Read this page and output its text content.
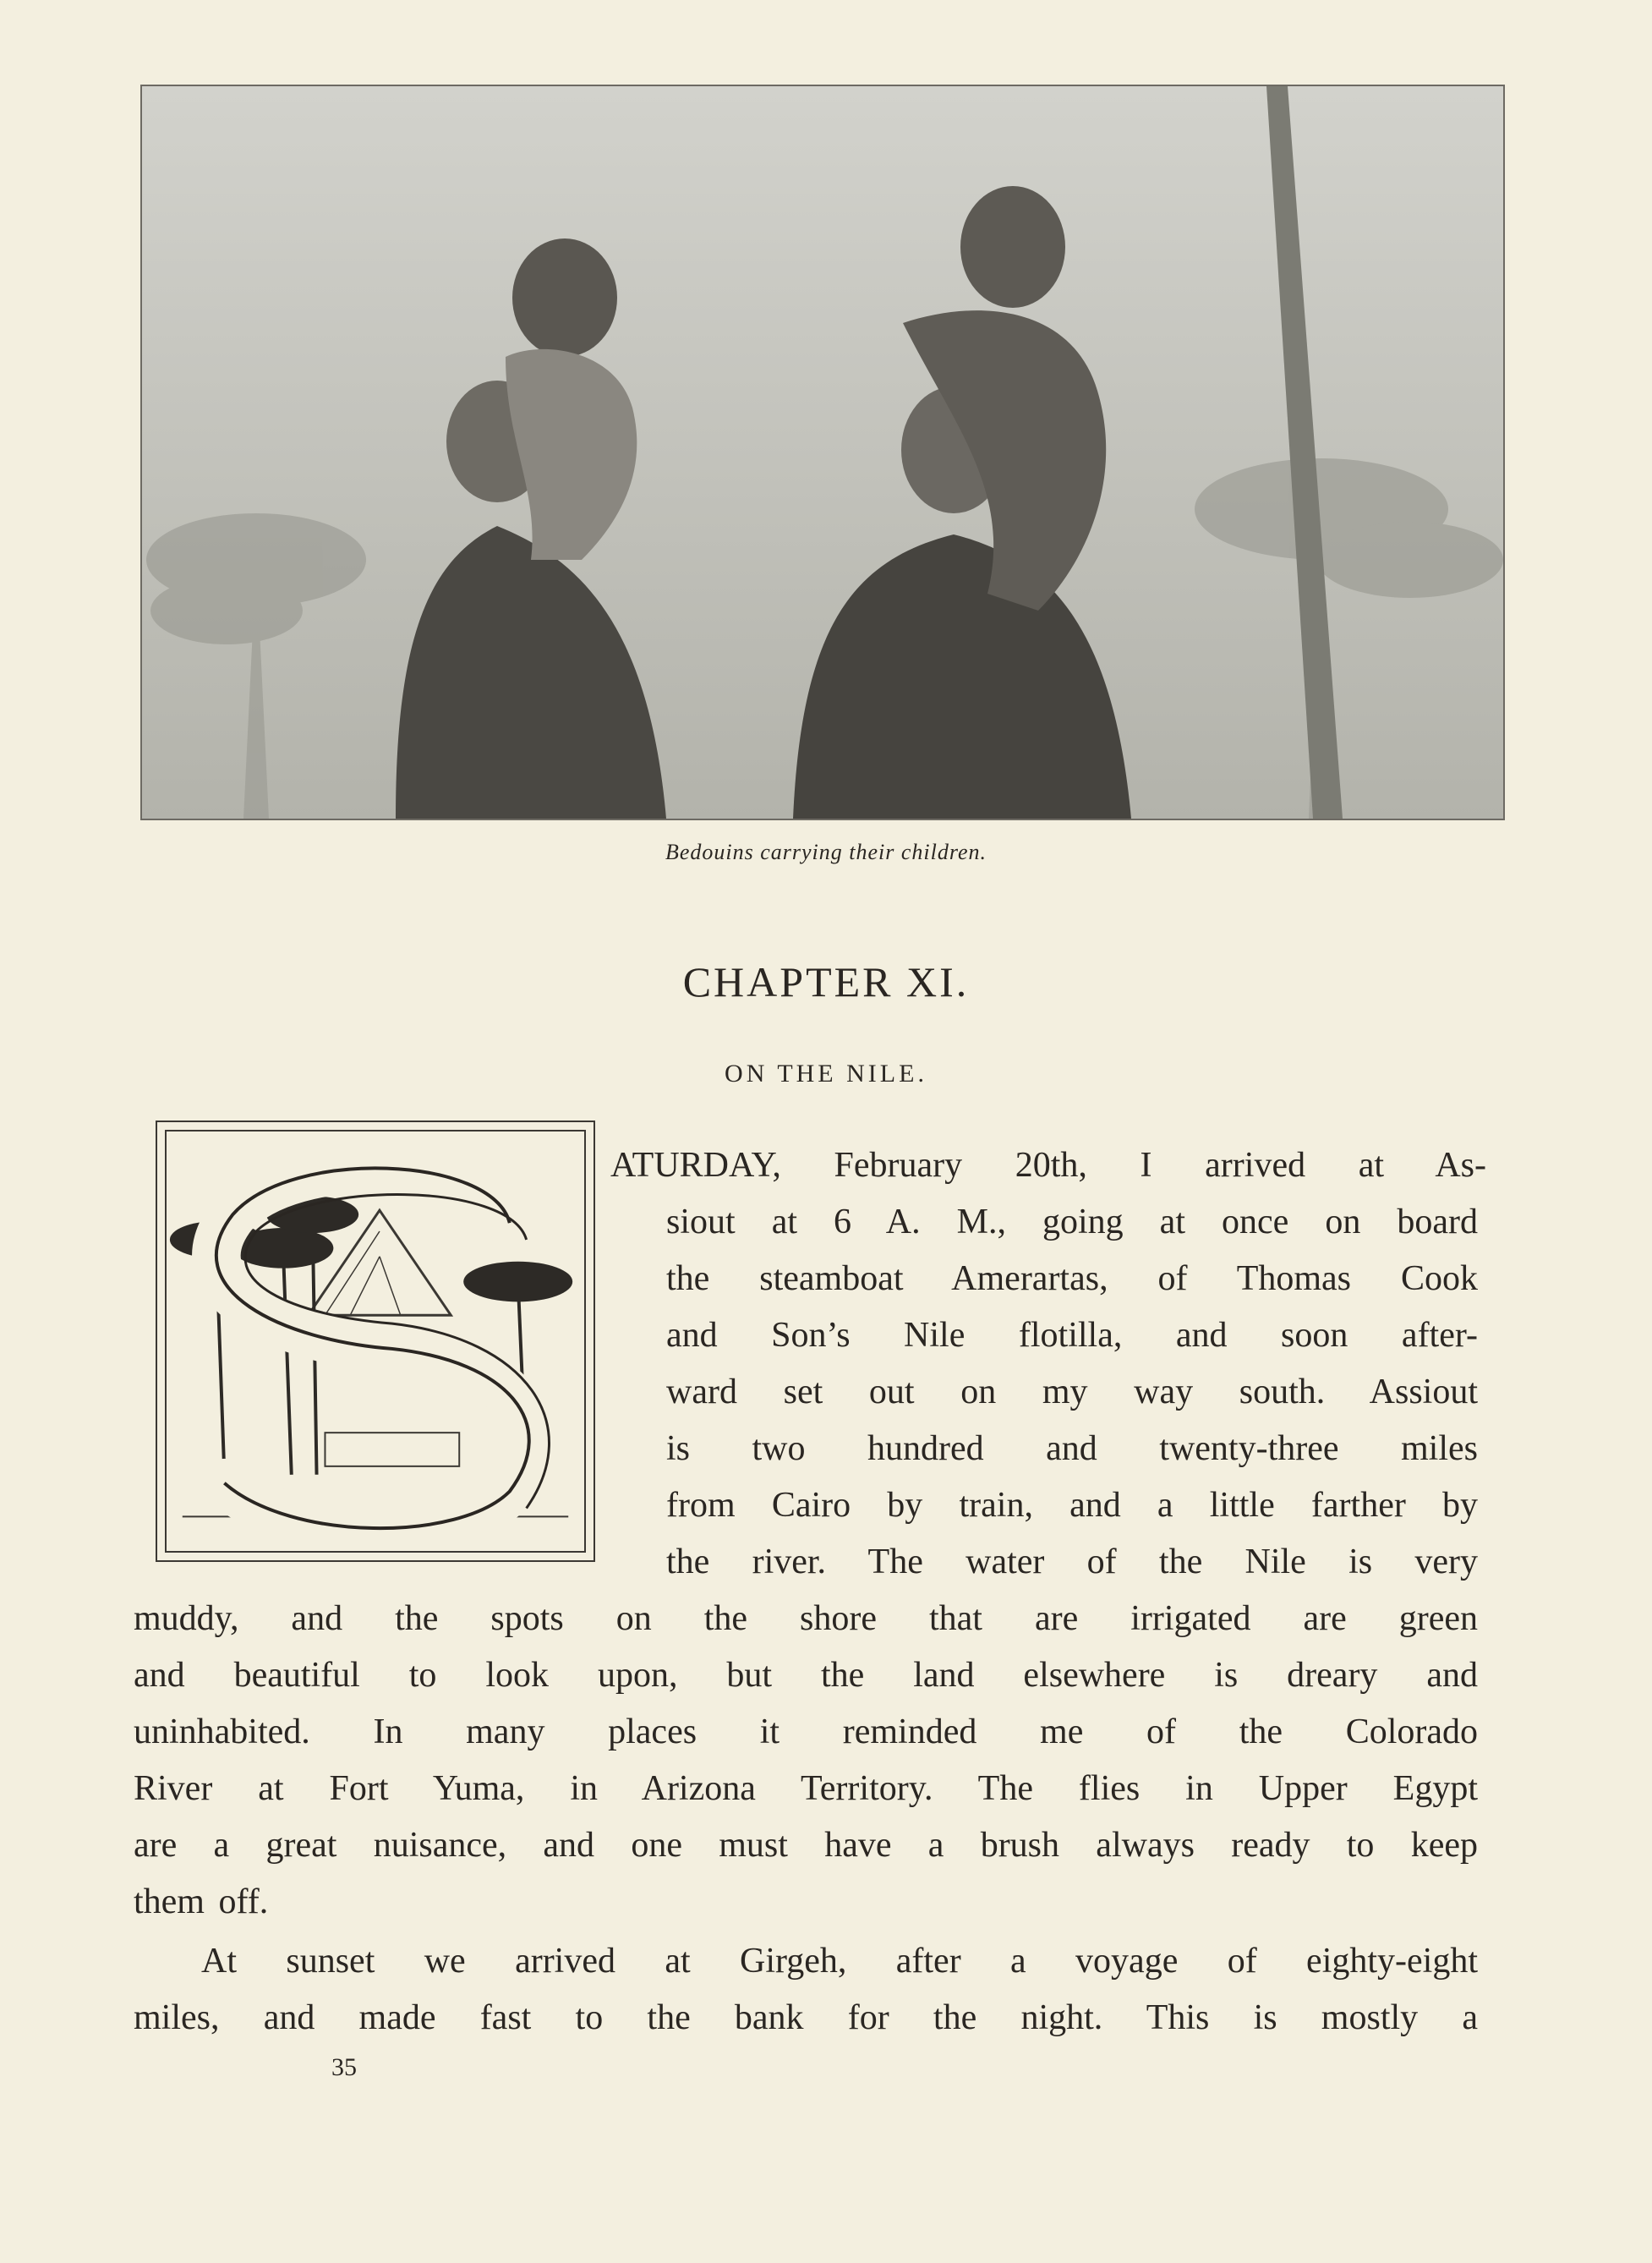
Bedouins carrying their children.
CHAPTER XI.
ON THE NILE.
S
ATURDAY, February 20th, I arrived at As-
siout at 6 A. M., going at once on board
the steamboat Amerartas, of Thomas Cook
and Son’s Nile flotilla, and soon after-
ward set out on my way south. Assiout
is two hundred and twenty-three miles
from Cairo by train, and a little farther by
the river. The water of the Nile is very
muddy, and the spots on the shore that are irrigated are green
and beautiful to look upon, but the land elsewhere is dreary and
uninhabited. In many places it reminded me of the Colorado
River at Fort Yuma, in Arizona Territory. The flies in Upper Egypt
are a great nuisance, and one must have a brush always ready to keep
them off.
At sunset we arrived at Girgeh, after a voyage of eighty-eight
miles, and made fast to the bank for the night. This is mostly a
35
